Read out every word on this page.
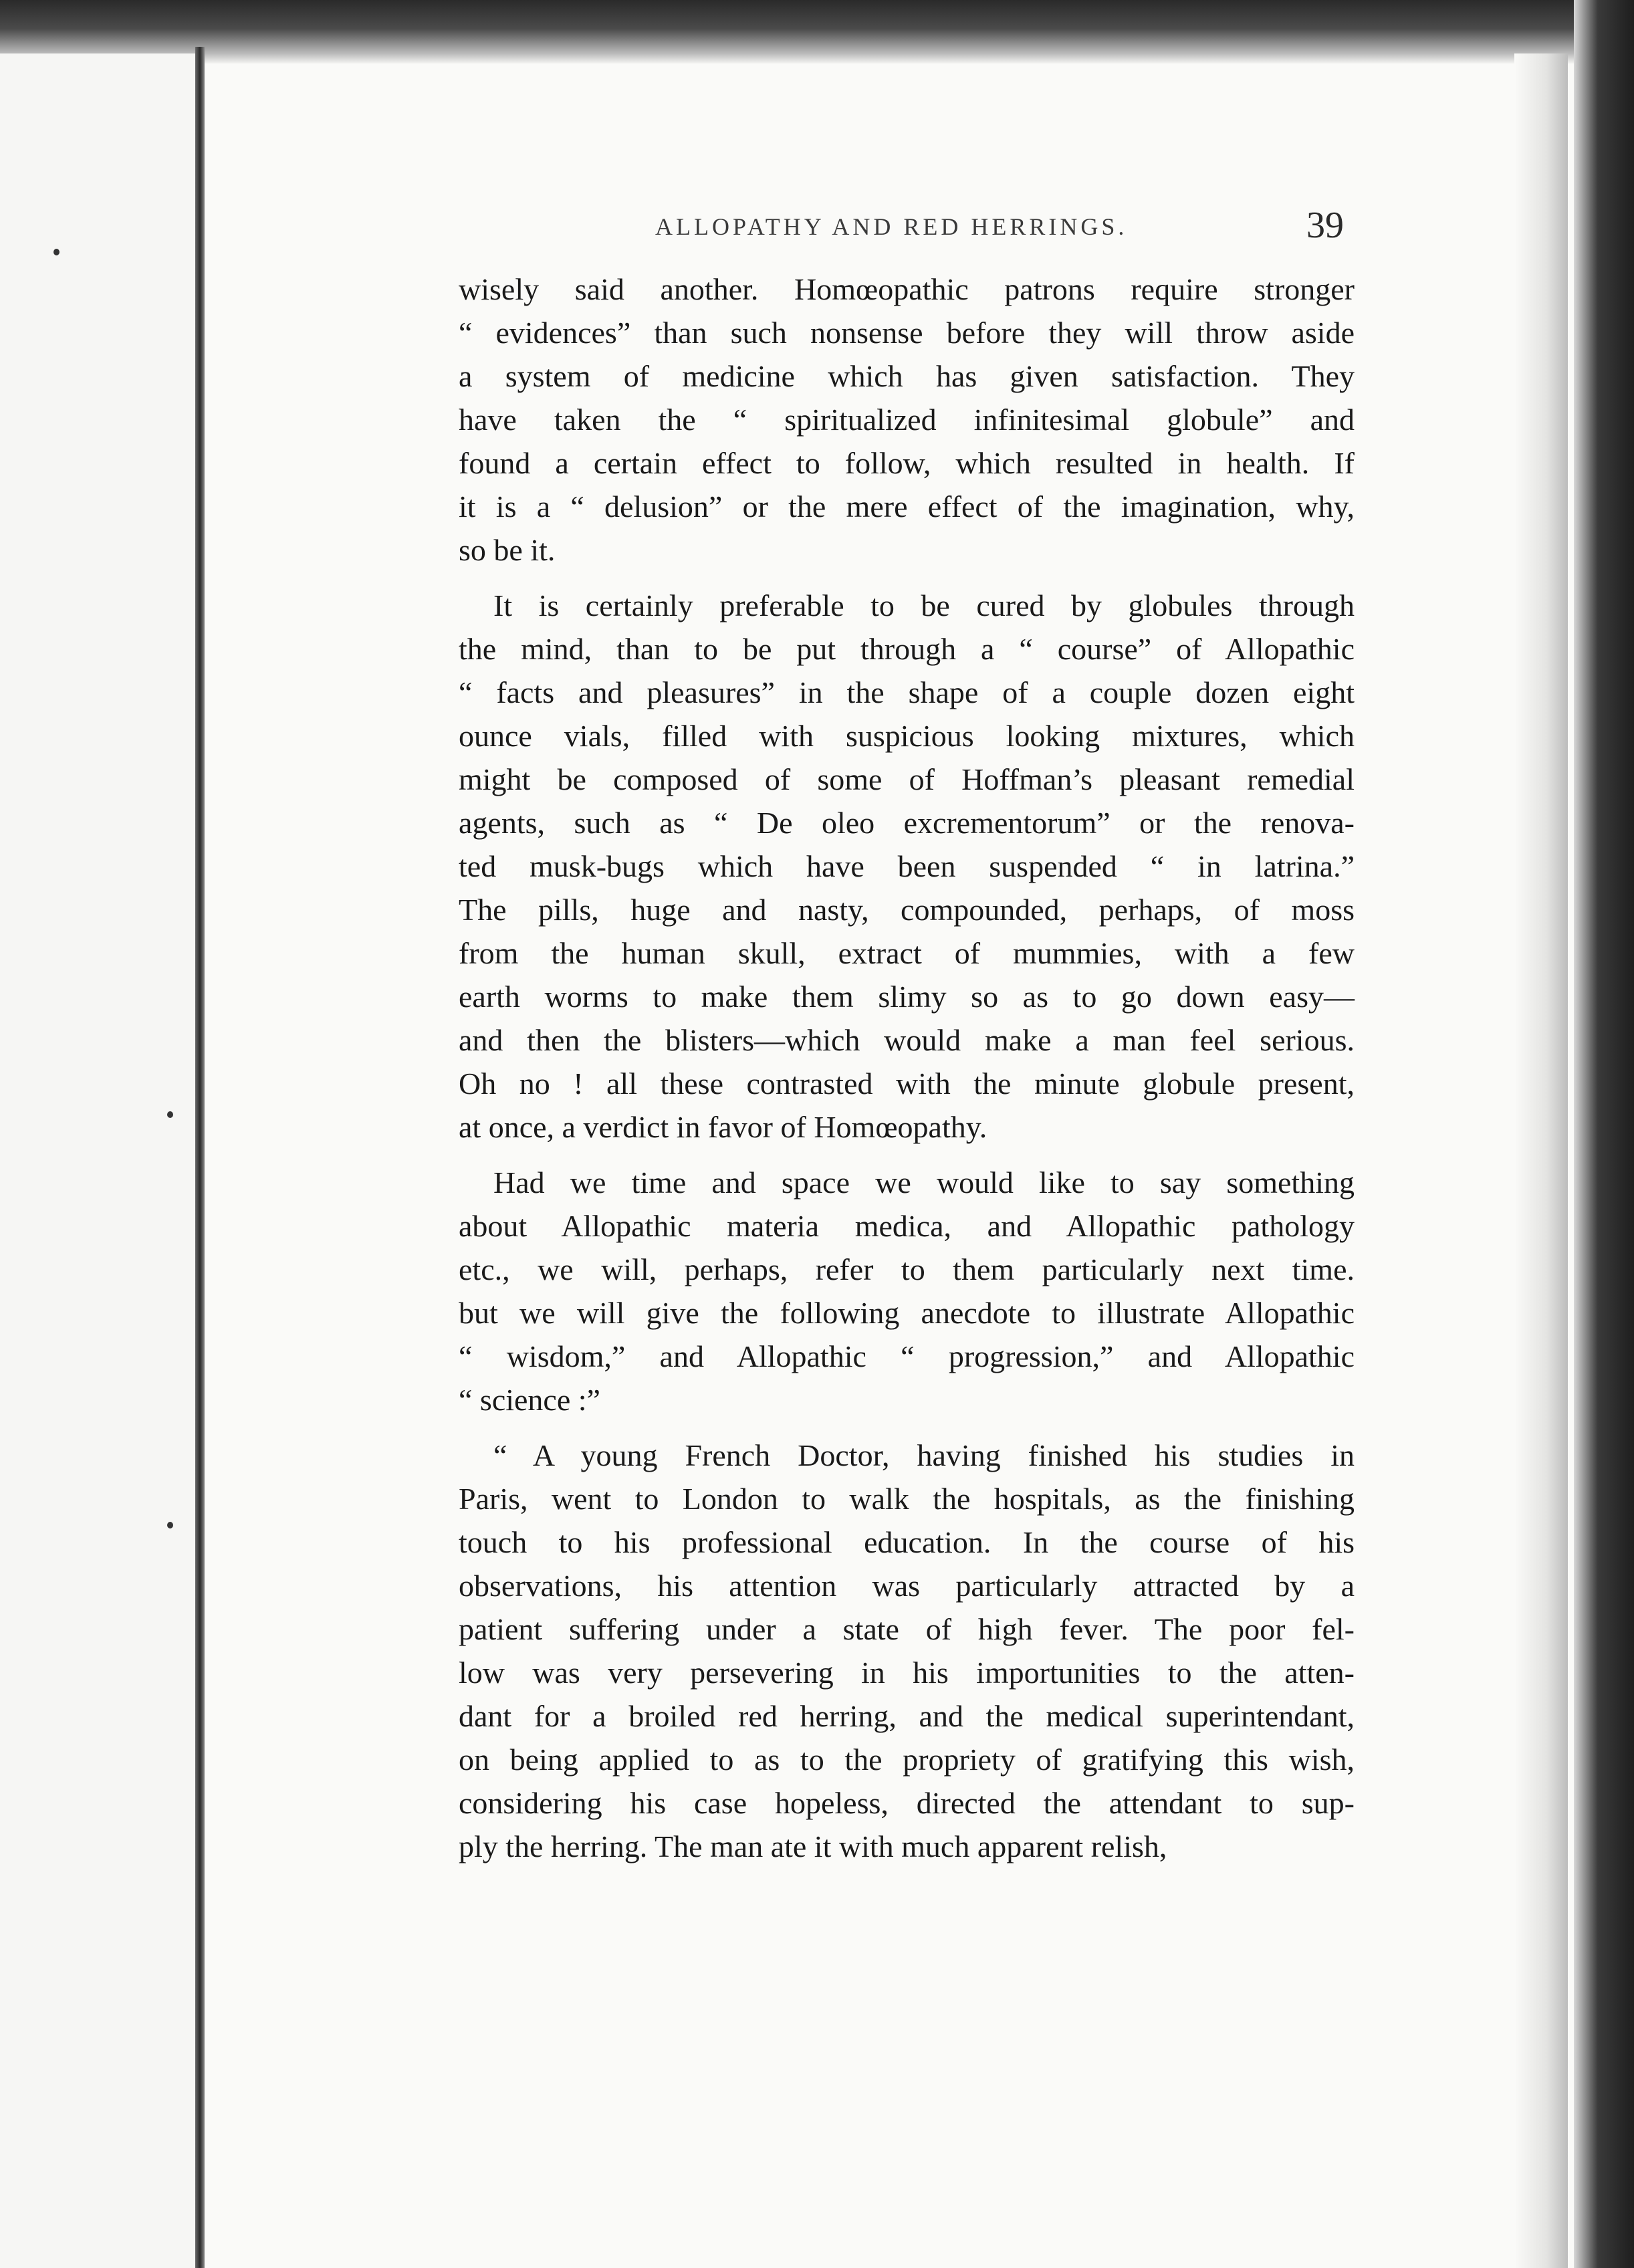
ALLOPATHY AND RED HERRINGS.	39
wisely said another. Homœopathic patrons require stronger
“ evidences” than such nonsense before they will throw aside
a system of medicine which has given satisfaction. They
have taken the “ spiritualized infinitesimal globule” and
found a certain effect to follow, which resulted in health. If
it is a “ delusion” or the mere effect of the imagination, why,
so be it.
It is certainly preferable to be cured by globules through
the mind, than to be put through a “ course” of Allopathic
“ facts and pleasures” in the shape of a couple dozen eight
ounce vials, filled with suspicious looking mixtures, which
might be composed of some of Hoffman’s pleasant remedial
agents, such as “ De oleo excrementorum” or the renova-
ted musk-bugs which have been suspended “ in latrina.”
The pills, huge and nasty, compounded, perhaps, of moss
from the human skull, extract of mummies, with a few
earth worms to make them slimy so as to go down easy—
and then the blisters—which would make a man feel serious.
Oh no ! all these contrasted with the minute globule present,
at once, a verdict in favor of Homœopathy.
Had we time and space we would like to say something
about Allopathic materia medica, and Allopathic pathology
etc., we will, perhaps, refer to them particularly next time.
but we will give the following anecdote to illustrate Allopathic
“ wisdom,” and Allopathic “ progression,” and Allopathic
“ science :”
“ A young French Doctor, having finished his studies in
Paris, went to London to walk the hospitals, as the finishing
touch to his professional education. In the course of his
observations, his attention was particularly attracted by a
patient suffering under a state of high fever. The poor fel-
low was very persevering in his importunities to the atten-
dant for a broiled red herring, and the medical superintendant,
on being applied to as to the propriety of gratifying this wish,
considering his case hopeless, directed the attendant to sup-
ply the herring. The man ate it with much apparent relish,
